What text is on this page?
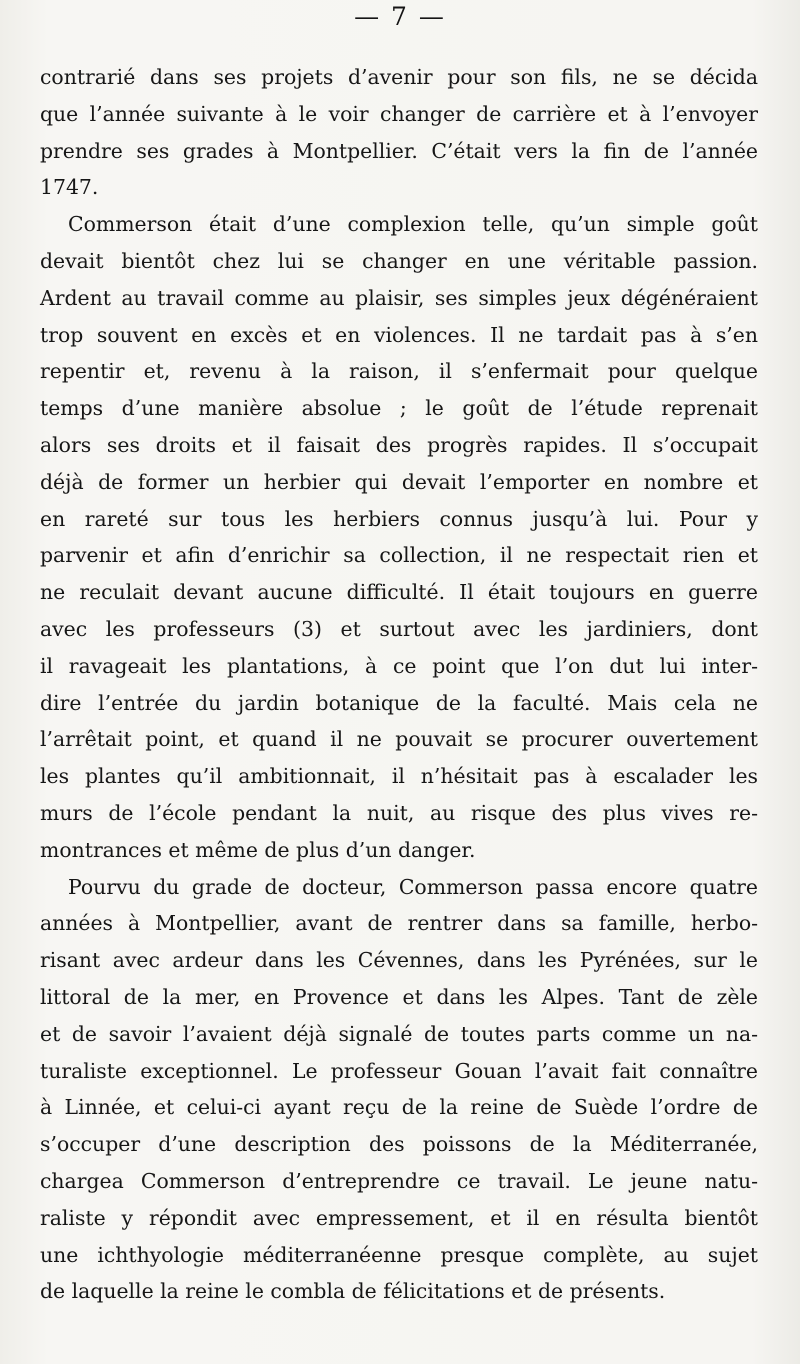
— 7 —
contrarié dans ses projets d’avenir pour son fils, ne se décida
que l’année suivante à le voir changer de carrière et à l’envoyer
prendre ses grades à Montpellier. C’était vers la fin de l’année
1747.
Commerson était d’une complexion telle, qu’un simple goût
devait bientôt chez lui se changer en une véritable passion.
Ardent au travail comme au plaisir, ses simples jeux dégénéraient
trop souvent en excès et en violences. Il ne tardait pas à s’en
repentir et, revenu à la raison, il s’enfermait pour quelque
temps d’une manière absolue ; le goût de l’étude reprenait
alors ses droits et il faisait des progrès rapides. Il s’occupait
déjà de former un herbier qui devait l’emporter en nombre et
en rareté sur tous les herbiers connus jusqu’à lui. Pour y
parvenir et afin d’enrichir sa collection, il ne respectait rien et
ne reculait devant aucune difficulté. Il était toujours en guerre
avec les professeurs (3) et surtout avec les jardiniers, dont
il ravageait les plantations, à ce point que l’on dut lui inter-
dire l’entrée du jardin botanique de la faculté. Mais cela ne
l’arrêtait point, et quand il ne pouvait se procurer ouvertement
les plantes qu’il ambitionnait, il n’hésitait pas à escalader les
murs de l’école pendant la nuit, au risque des plus vives re-
montrances et même de plus d’un danger.
Pourvu du grade de docteur, Commerson passa encore quatre
années à Montpellier, avant de rentrer dans sa famille, herbo-
risant avec ardeur dans les Cévennes, dans les Pyrénées, sur le
littoral de la mer, en Provence et dans les Alpes. Tant de zèle
et de savoir l’avaient déjà signalé de toutes parts comme un na-
turaliste exceptionnel. Le professeur Gouan l’avait fait connaître
à Linnée, et celui-ci ayant reçu de la reine de Suède l’ordre de
s’occuper d’une description des poissons de la Méditerranée,
chargea Commerson d’entreprendre ce travail. Le jeune natu-
raliste y répondit avec empressement, et il en résulta bientôt
une ichthyologie méditerranéenne presque complète, au sujet
de laquelle la reine le combla de félicitations et de présents.
